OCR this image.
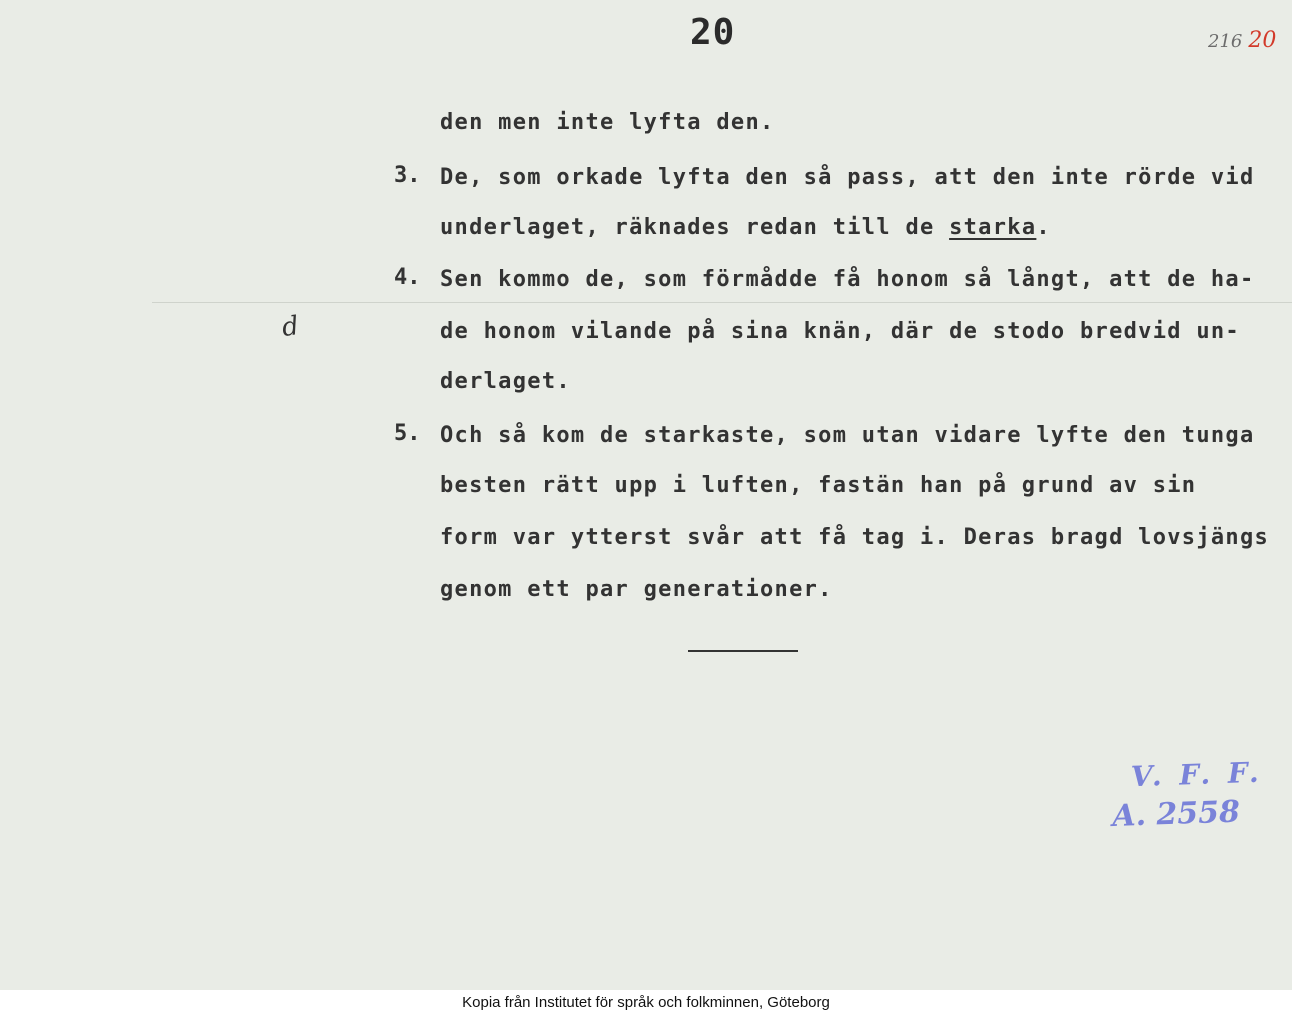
20	216 20
den men inte lyfta den.
3. De, som orkade lyfta den så pass, att den inte rörde vid
underlaget, räknades redan till de starka.
4. Sen kommo de, som förmådde få honom så långt, att de ha-
d	de honom vilande på sina knän, där de stodo bredvid un-
derlaget.
5. Och så kom de starkaste, som utan vidare lyfte den tunga
besten rätt upp i luften, fastän han på grund av sin
form var ytterst svår att få tag i. Deras bragd lovsjängs
genom ett par generationer.
V. F. F.
A. 2558
Kopia från Institutet för språk och folkminnen, Göteborg
